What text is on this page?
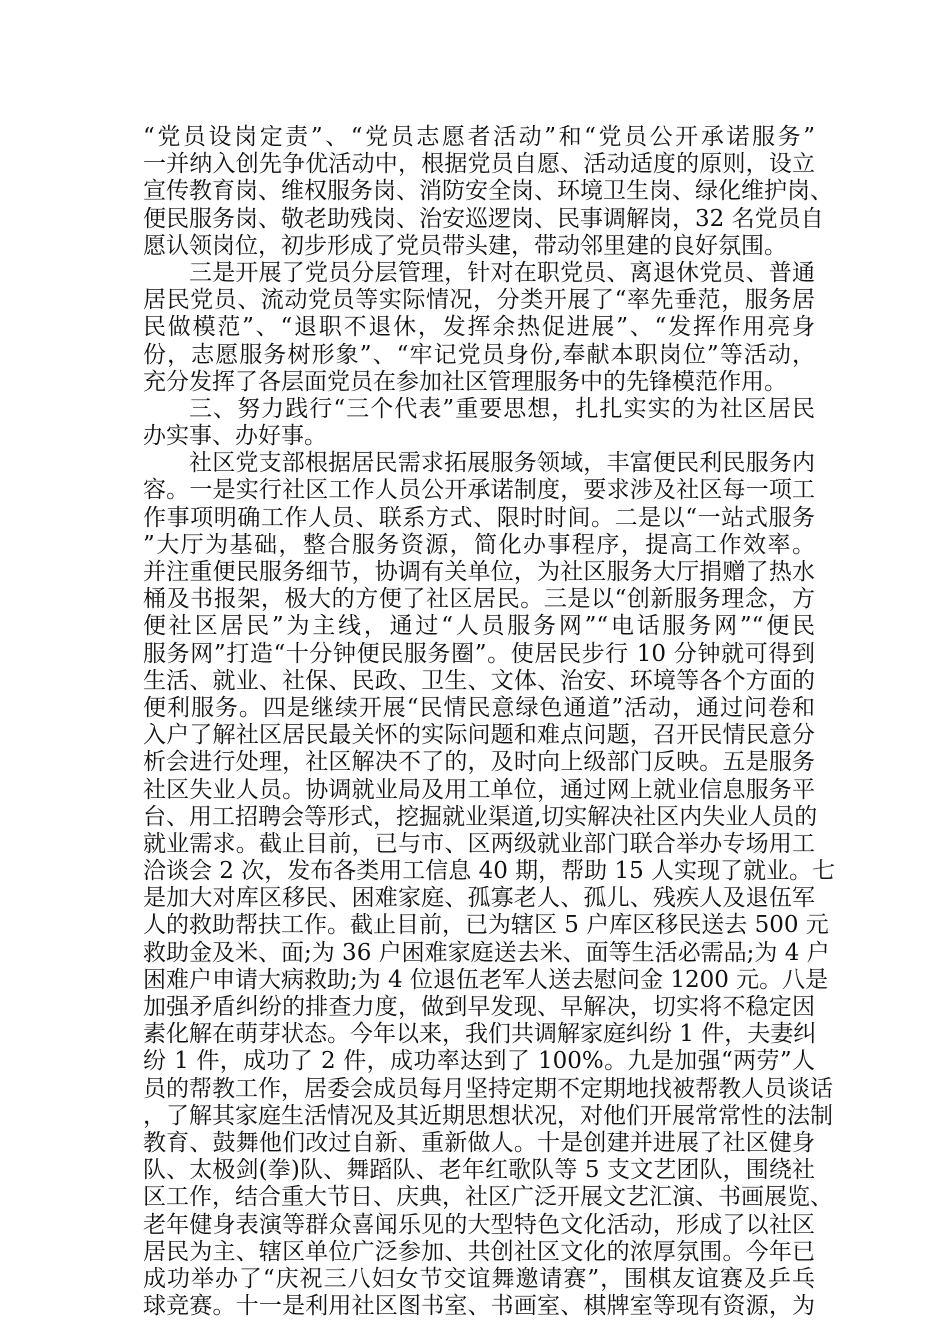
“党员设岗定责”、“党员志愿者活动”和“党员公开承诺服务”
一并纳入创先争优活动中，根据党员自愿、活动适度的原则，设立
宣传教育岗、维权服务岗、消防安全岗、环境卫生岗、绿化维护岗、
便民服务岗、敬老助残岗、治安巡逻岗、民事调解岗，32 名党员自
愿认领岗位，初步形成了党员带头建，带动邻里建的良好氛围。
三是开展了党员分层管理，针对在职党员、离退休党员、普通
居民党员、流动党员等实际情况，分类开展了“率先垂范，服务居
民做模范”、“退职不退休，发挥余热促进展”、“发挥作用亮身
份，志愿服务树形象”、“牢记党员身份,奉献本职岗位”等活动，
充分发挥了各层面党员在参加社区管理服务中的先锋模范作用。
三、努力践行“三个代表”重要思想，扎扎实实的为社区居民
办实事、办好事。
社区党支部根据居民需求拓展服务领域，丰富便民利民服务内
容。一是实行社区工作人员公开承诺制度，要求涉及社区每一项工
作事项明确工作人员、联系方式、限时时间。二是以“一站式服务
”大厅为基础，整合服务资源，简化办事程序，提高工作效率。
并注重便民服务细节，协调有关单位，为社区服务大厅捐赠了热水
桶及书报架，极大的方便了社区居民。三是以“创新服务理念，方
便社区居民”为主线，通过“人员服务网”“电话服务网”“便民
服务网”打造“十分钟便民服务圈”。使居民步行 10 分钟就可得到
生活、就业、社保、民政、卫生、文体、治安、环境等各个方面的
便利服务。四是继续开展“民情民意绿色通道”活动，通过问卷和
入户了解社区居民最关怀的实际问题和难点问题，召开民情民意分
析会进行处理，社区解决不了的，及时向上级部门反映。五是服务
社区失业人员。协调就业局及用工单位，通过网上就业信息服务平
台、用工招聘会等形式，挖掘就业渠道,切实解决社区内失业人员的
就业需求。截止目前，已与市、区两级就业部门联合举办专场用工
洽谈会 2 次，发布各类用工信息 40 期，帮助 15 人实现了就业。七
是加大对库区移民、困难家庭、孤寡老人、孤儿、残疾人及退伍军
人的救助帮扶工作。截止目前，已为辖区 5 户库区移民送去 500 元
救助金及米、面;为 36 户困难家庭送去米、面等生活必需品;为 4 户
困难户申请大病救助;为 4 位退伍老军人送去慰问金 1200 元。八是
加强矛盾纠纷的排查力度，做到早发现、早解决，切实将不稳定因
素化解在萌芽状态。今年以来，我们共调解家庭纠纷 1 件，夫妻纠
纷 1 件，成功了 2 件，成功率达到了 100%。九是加强“两劳”人
员的帮教工作，居委会成员每月坚持定期不定期地找被帮教人员谈话
，了解其家庭生活情况及其近期思想状况，对他们开展常常性的法制
教育、鼓舞他们改过自新、重新做人。十是创建并进展了社区健身
队、太极剑(拳)队、舞蹈队、老年红歌队等 5 支文艺团队，围绕社
区工作，结合重大节日、庆典，社区广泛开展文艺汇演、书画展览、
老年健身表演等群众喜闻乐见的大型特色文化活动，形成了以社区
居民为主、辖区单位广泛参加、共创社区文化的浓厚氛围。今年已
成功举办了“庆祝三八妇女节交谊舞邀请赛”，围棋友谊赛及乒乓
球竞赛。十一是利用社区图书室、书画室、棋牌室等现有资源，为
